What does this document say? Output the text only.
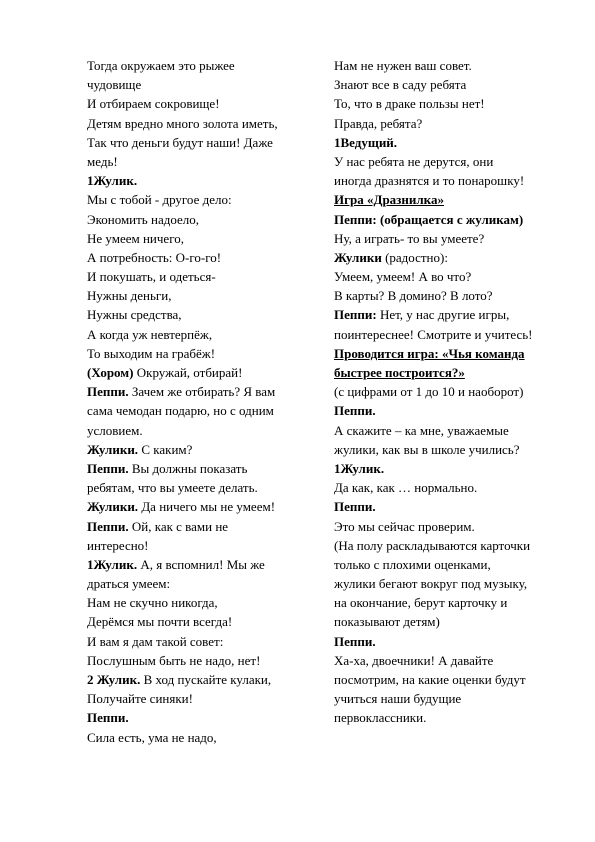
Тогда окружаем это рыжее
чудовище
И отбираем сокровище!
Детям вредно много золота иметь,
Так что деньги будут наши! Даже
медь!
1Жулик.
Мы с тобой - другое дело:
Экономить надоело,
Не умеем ничего,
А потребность: О-го-го!
И покушать, и одеться-
Нужны деньги,
Нужны средства,
А когда уж невтерпёж,
То выходим на грабёж!
(Хором) Окружай, отбирай!
Пеппи. Зачем же отбирать? Я вам
сама чемодан подарю, но с одним
условием.
Жулики. С каким?
Пеппи. Вы должны показать
ребятам, что вы умеете делать.
Жулики. Да ничего мы не умеем!
Пеппи. Ой, как с вами не
интересно!
1Жулик. А, я вспомнил! Мы же
драться умеем:
Нам не скучно никогда,
Дерёмся мы почти всегда!
И вам я дам такой совет:
Послушным быть не надо, нет!
2 Жулик. В ход пускайте кулаки,
Получайте синяки!
Пеппи.
Сила есть, ума не надо,
Нам не нужен ваш совет.
Знают все в саду ребята
То, что в драке пользы нет!
Правда, ребята?
1Ведущий.
У нас ребята не дерутся, они
иногда дразнятся и то понарошку!
Игра «Дразнилка»
Пеппи: (обращается с жуликам)
Ну, а играть- то вы умеете?
Жулики (радостно):
Умеем, умеем! А во что?
В карты? В домино? В лото?
Пеппи: Нет, у нас другие игры,
поинтереснее! Смотрите и учитесь!
Проводится игра: «Чья команда
быстрее построится?»
(с цифрами от 1 до 10 и наоборот)
Пеппи.
А скажите – ка мне, уважаемые
жулики, как вы в школе учились?
1Жулик.
Да как, как … нормально.
Пеппи.
Это мы сейчас проверим.
(На полу раскладываются карточки
только с плохими оценками,
жулики бегают вокруг под музыку,
на окончание, берут карточку и
показывают детям)
Пеппи.
Ха-ха, двоечники! А давайте
посмотрим, на какие оценки будут
учиться наши будущие
первоклассники.
